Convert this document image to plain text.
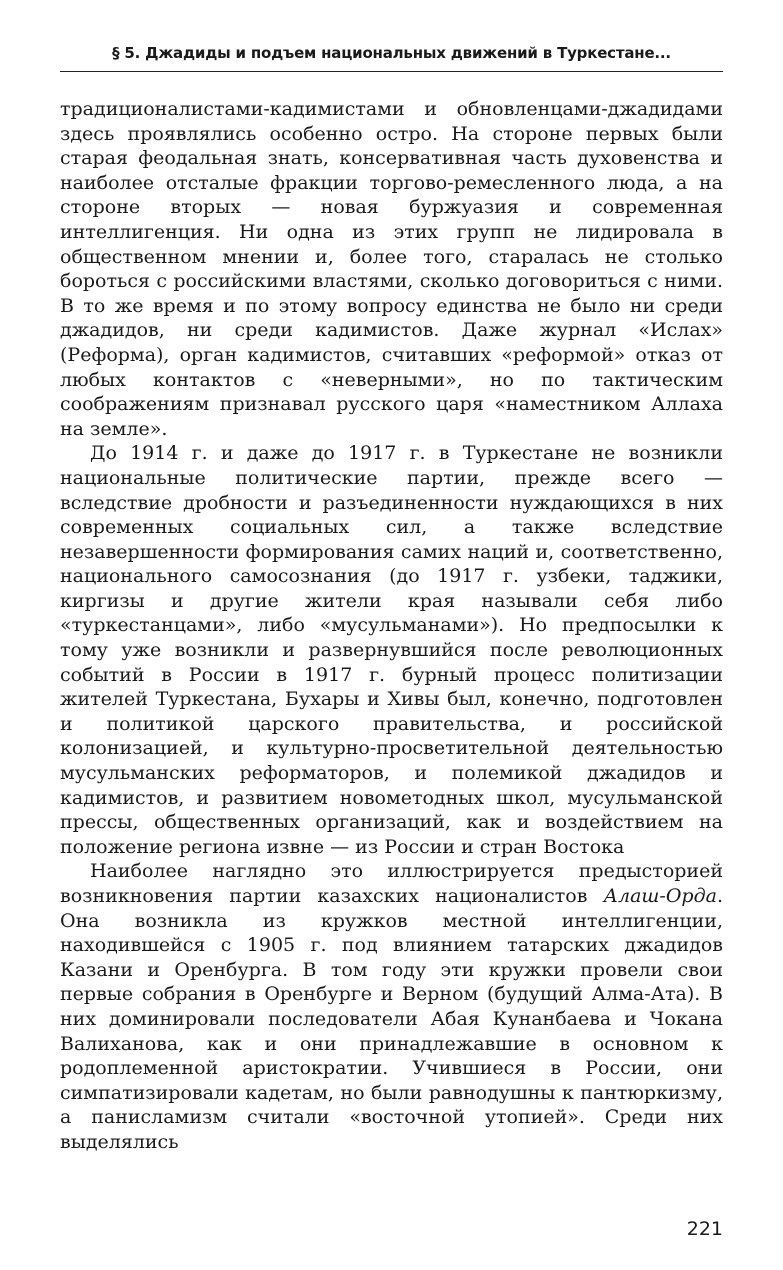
§ 5. Джадиды и подъем национальных движений в Туркестане...

традиционалистами-кадимистами и обновленцами-джадидами здесь проявлялись особенно остро. На стороне первых были старая феодальная знать, консервативная часть духовенства и наиболее отсталые фракции торгово-ремесленного люда, а на стороне вторых — новая буржуазия и современная интеллигенция. Ни одна из этих групп не лидировала в общественном мнении и, более того, старалась не столько бороться с российскими властями, сколько договориться с ними. В то же время и по этому вопросу единства не было ни среди джадидов, ни среди кадимистов. Даже журнал «Ислах» (Реформа), орган кадимистов, считавших «реформой» отказ от любых контактов с «неверными», но по тактическим соображениям признавал русского царя «наместником Аллаха на земле».

До 1914 г. и даже до 1917 г. в Туркестане не возникли национальные политические партии, прежде всего — вследствие дробности и разъединенности нуждающихся в них современных социальных сил, а также вследствие незавершенности формирования самих наций и, соответственно, национального самосознания (до 1917 г. узбеки, таджики, киргизы и другие жители края называли себя либо «туркестанцами», либо «мусульманами»). Но предпосылки к тому уже возникли и развернувшийся после революционных событий в России в 1917 г. бурный процесс политизации жителей Туркестана, Бухары и Хивы был, конечно, подготовлен и политикой царского правительства, и российской колонизацией, и культурно-просветительной деятельностью мусульманских реформаторов, и полемикой джадидов и кадимистов, и развитием новометодных школ, мусульманской прессы, общественных организаций, как и воздействием на положение региона извне — из России и стран Востока

Наиболее наглядно это иллюстрируется предысторией возникновения партии казахских националистов Алаш-Орда. Она возникла из кружков местной интеллигенции, находившейся с 1905 г. под влиянием татарских джадидов Казани и Оренбурга. В том году эти кружки провели свои первые собрания в Оренбурге и Верном (будущий Алма-Ата). В них доминировали последователи Абая Кунанбаева и Чокана Валиханова, как и они принадлежавшие в основном к родоплеменной аристократии. Учившиеся в России, они симпатизировали кадетам, но были равнодушны к пантюркизму, а панисламизм считали «восточной утопией». Среди них выделялись

221
